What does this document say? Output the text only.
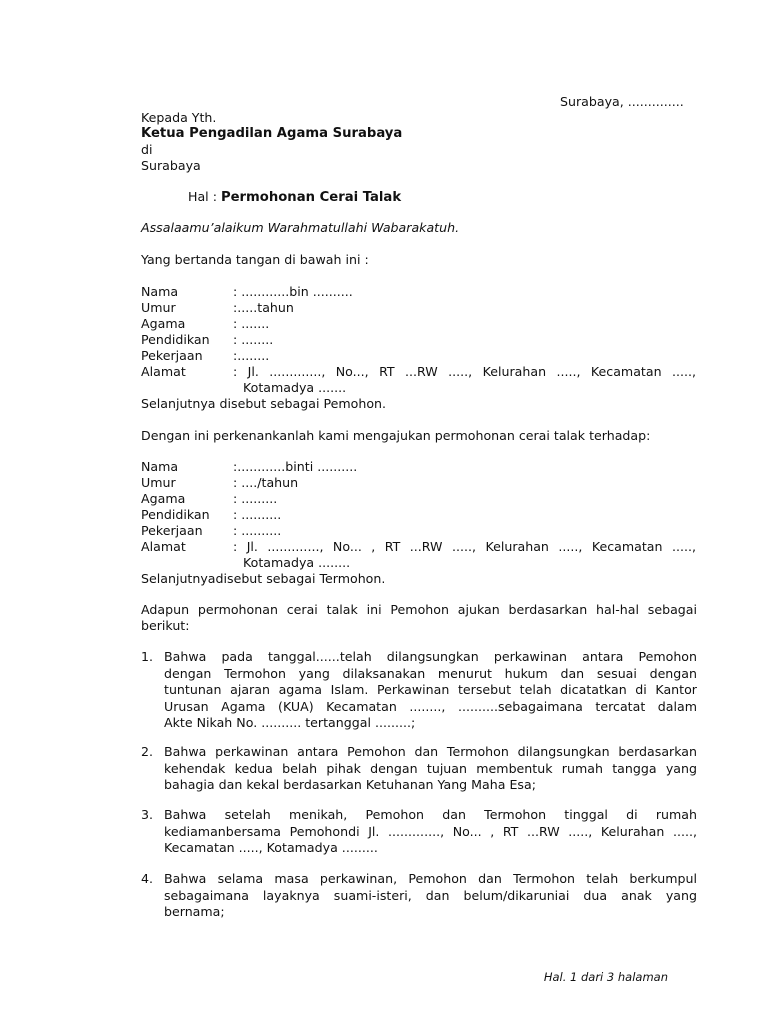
Surabaya, ..............
Kepada Yth.
Ketua Pengadilan Agama Surabaya
di
Surabaya
Hal : Permohonan Cerai Talak
Assalaamu’alaikum Warahmatullahi Wabarakatuh.
Yang bertanda tangan di bawah ini :
Nama	: ............bin ..........
Umur	:.....tahun
Agama	: .......
Pendidikan : ........
Pekerjaan :........
Alamat	: Jl. ............., No..., RT ...RW ....., Kelurahan ....., Kecamatan .....,
Kotamadya .......
Selanjutnya disebut sebagai Pemohon.
Dengan ini perkenankanlah kami mengajukan permohonan cerai talak terhadap:
Nama	:............binti ..........
Umur	: ..../tahun
Agama	: .........
Pendidikan : ..........
Pekerjaan : ..........
Alamat	: Jl. ............., No... , RT ...RW ....., Kelurahan ....., Kecamatan .....,
Kotamadya ........
Selanjutnyadisebut sebagai Termohon.
Adapun permohonan cerai talak ini Pemohon ajukan berdasarkan hal-hal sebagai
berikut:
1. Bahwa pada tanggal......telah dilangsungkan perkawinan antara Pemohon
dengan Termohon yang dilaksanakan menurut hukum dan sesuai dengan
tuntunan ajaran agama Islam. Perkawinan tersebut telah dicatatkan di Kantor
Urusan Agama (KUA) Kecamatan ........, ..........sebagaimana tercatat dalam
Akte Nikah No. .......... tertanggal .........;
2. Bahwa perkawinan antara Pemohon dan Termohon dilangsungkan berdasarkan
kehendak kedua belah pihak dengan tujuan membentuk rumah tangga yang
bahagia dan kekal berdasarkan Ketuhanan Yang Maha Esa;
3. Bahwa setelah menikah, Pemohon dan Termohon tinggal di rumah
kediamanbersama Pemohondi Jl. ............., No... , RT ...RW ....., Kelurahan .....,
Kecamatan ....., Kotamadya .........
4. Bahwa selama masa perkawinan, Pemohon dan Termohon telah berkumpul
sebagaimana layaknya suami-isteri, dan belum/dikaruniai dua anak yang
bernama;
Hal. 1 dari 3 halaman
